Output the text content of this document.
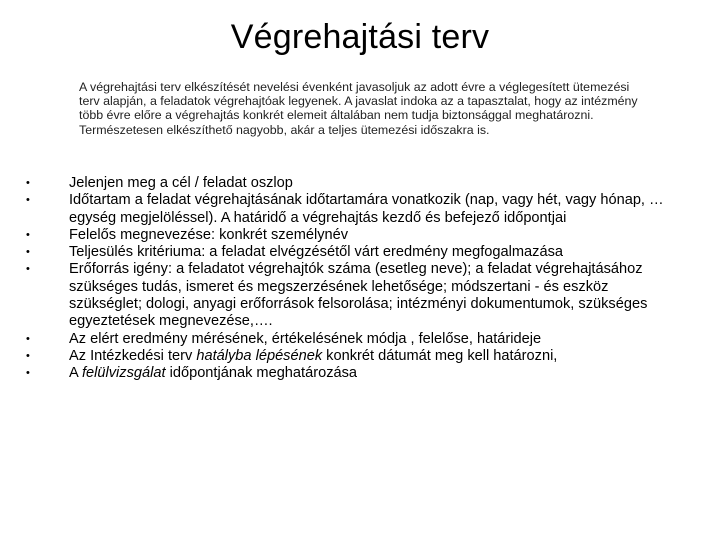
Végrehajtási terv
A végrehajtási terv elkészítését nevelési évenként javasoljuk az adott évre a véglegesített ütemezési terv alapján, a feladatok végrehajtóak legyenek. A javaslat indoka az a tapasztalat, hogy az intézmény több évre előre a végrehajtás konkrét elemeit általában nem tudja biztonsággal meghatározni. Természetesen elkészíthető nagyobb, akár a teljes ütemezési időszakra is.
•	Jelenjen meg a cél / feladat oszlop
•	Időtartam a feladat végrehajtásának időtartamára vonatkozik (nap, vagy hét, vagy hónap, … egység megjelöléssel). A határidő a végrehajtás kezdő és befejező időpontjai
•	Felelős megnevezése: konkrét személynév
•	Teljesülés kritériuma: a feladat elvégzésétől várt eredmény megfogalmazása
•	Erőforrás igény: a feladatot végrehajtók száma (esetleg neve); a feladat végrehajtásához szükséges tudás, ismeret és megszerzésének lehetősége; módszertani - és eszköz szükséglet; dologi, anyagi erőforrások felsorolása; intézményi dokumentumok, szükséges egyeztetések megnevezése,….
•	Az elért eredmény mérésének, értékelésének módja , felelőse, határideje
•	Az Intézkedési terv hatályba lépésének konkrét dátumát meg kell határozni,
•	A felülvizsgálat időpontjának meghatározása
